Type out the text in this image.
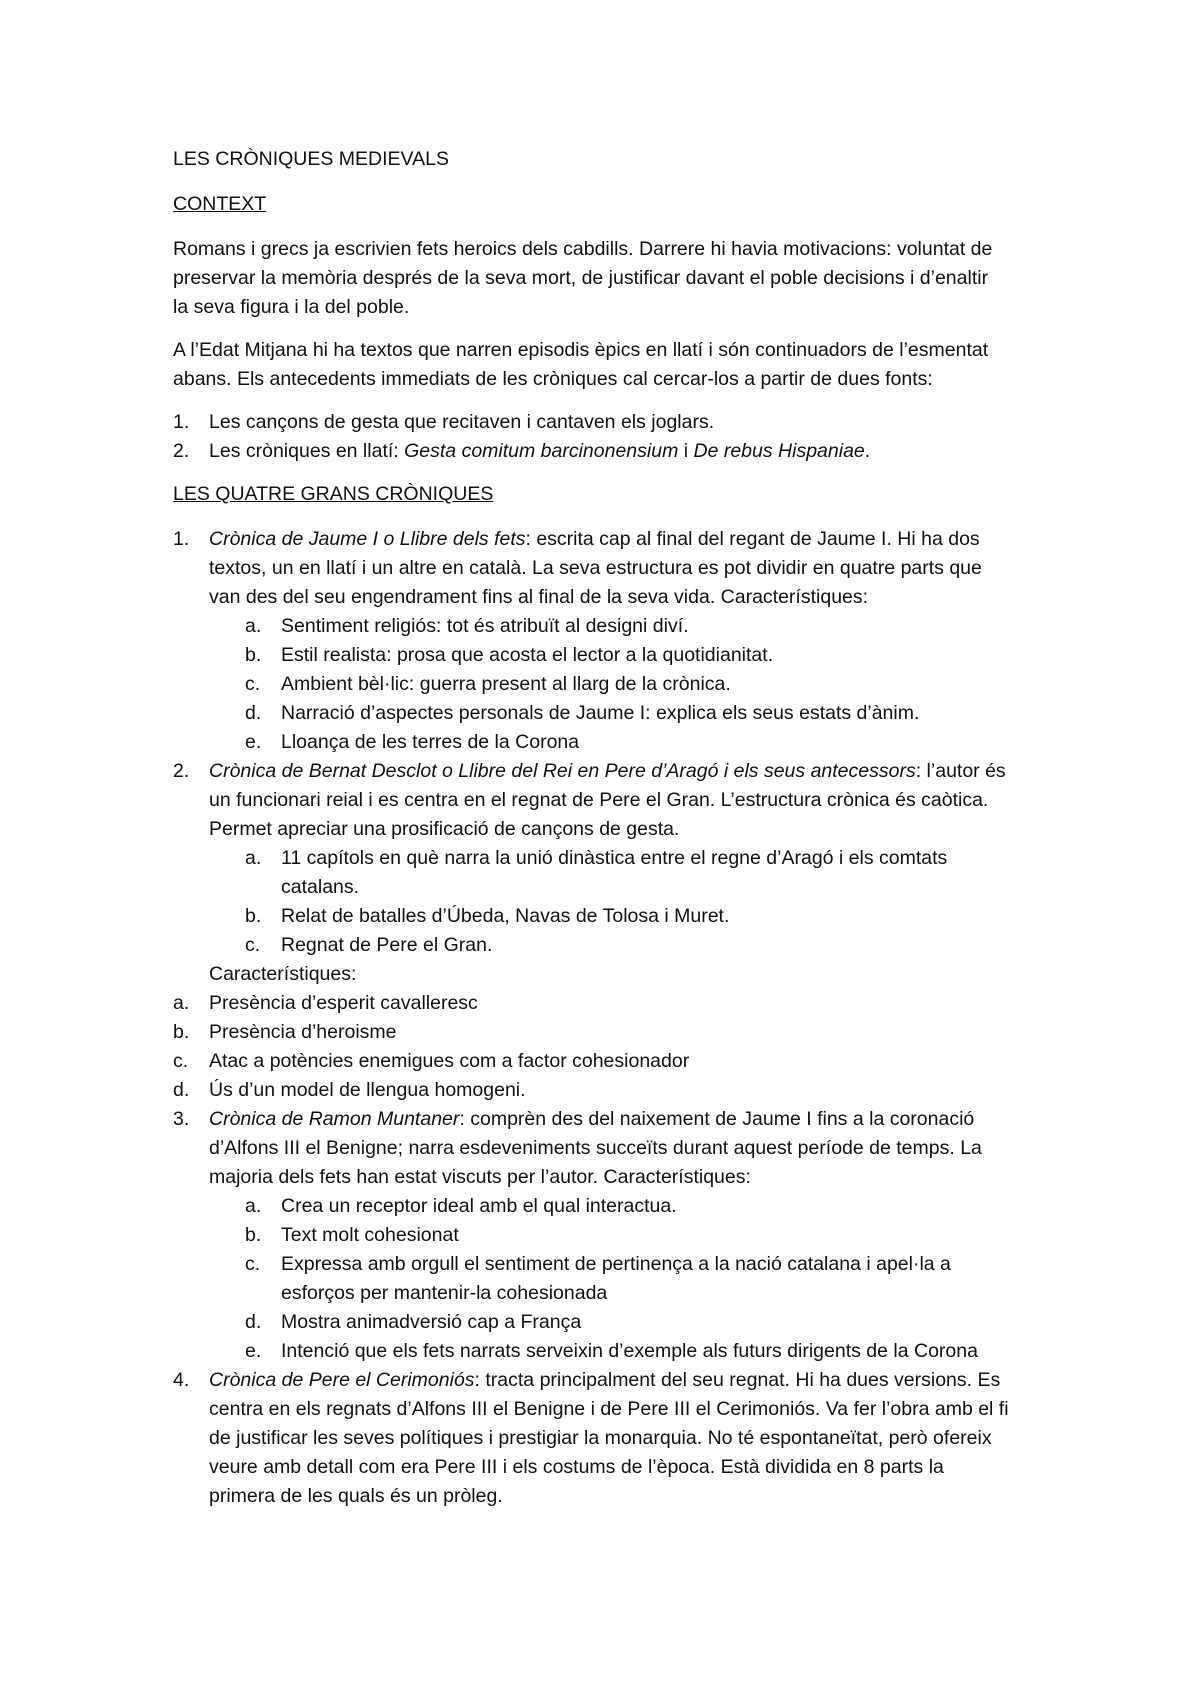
LES CRÒNIQUES MEDIEVALS
CONTEXT
Romans i grecs ja escrivien fets heroics dels cabdills. Darrere hi havia motivacions: voluntat de
preservar la memòria després de la seva mort, de justificar davant el poble decisions i d’enaltir
la seva figura i la del poble.
A l’Edat Mitjana hi ha textos que narren episodis èpics en llatí i són continuadors de l’esmentat
abans. Els antecedents immediats de les cròniques cal cercar-los a partir de dues fonts:
1. Les cançons de gesta que recitaven i cantaven els joglars.
2. Les cròniques en llatí: Gesta comitum barcinonensium i De rebus Hispaniae.
LES QUATRE GRANS CRÒNIQUES
1. Crònica de Jaume I o Llibre dels fets: escrita cap al final del regant de Jaume I. Hi ha dos
textos, un en llatí i un altre en català. La seva estructura es pot dividir en quatre parts que
van des del seu engendrament fins al final de la seva vida. Característiques:
a. Sentiment religiós: tot és atribuït al designi diví.
b. Estil realista: prosa que acosta el lector a la quotidianitat.
c. Ambient bèl·lic: guerra present al llarg de la crònica.
d. Narració d’aspectes personals de Jaume I: explica els seus estats d’ànim.
e. Lloança de les terres de la Corona
2. Crònica de Bernat Desclot o Llibre del Rei en Pere d’Aragó i els seus antecessors: l’autor és
un funcionari reial i es centra en el regnat de Pere el Gran. L’estructura crònica és caòtica.
Permet apreciar una prosificació de cançons de gesta.
a. 11 capítols en què narra la unió dinàstica entre el regne d’Aragó i els comtats
catalans.
b. Relat de batalles d’Úbeda, Navas de Tolosa i Muret.
c. Regnat de Pere el Gran.
Característiques:
a. Presència d’esperit cavalleresc
b. Presència d’heroisme
c. Atac a potències enemigues com a factor cohesionador
d. Ús d’un model de llengua homogeni.
3. Crònica de Ramon Muntaner: comprèn des del naixement de Jaume I fins a la coronació
d’Alfons III el Benigne; narra esdeveniments succeïts durant aquest període de temps. La
majoria dels fets han estat viscuts per l’autor. Característiques:
a. Crea un receptor ideal amb el qual interactua.
b. Text molt cohesionat
c. Expressa amb orgull el sentiment de pertinença a la nació catalana i apel·la a
esforços per mantenir-la cohesionada
d. Mostra animadversió cap a França
e. Intenció que els fets narrats serveixin d’exemple als futurs dirigents de la Corona
4. Crònica de Pere el Cerimoniós: tracta principalment del seu regnat. Hi ha dues versions. Es
centra en els regnats d’Alfons III el Benigne i de Pere III el Cerimoniós. Va fer l’obra amb el fi
de justificar les seves polítiques i prestigiar la monarquia. No té espontaneïtat, però ofereix
veure amb detall com era Pere III i els costums de l’època. Està dividida en 8 parts la
primera de les quals és un pròleg.
